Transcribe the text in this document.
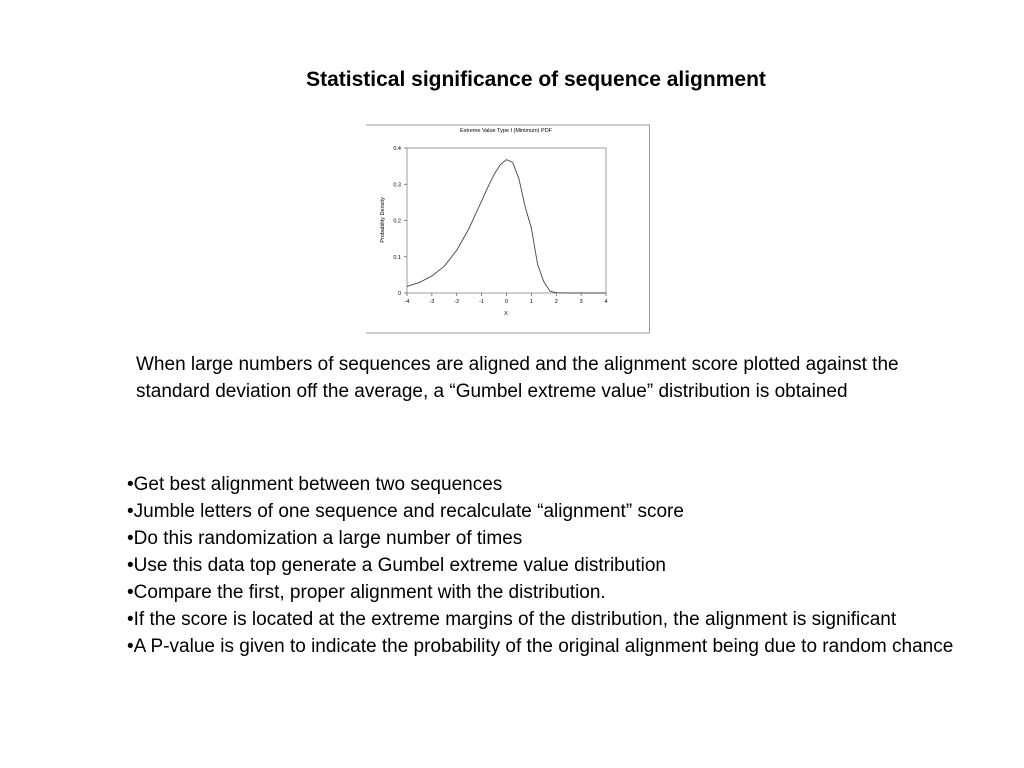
Statistical significance of sequence alignment
Extreme Value Type I (Minimum) PDF
Probability Density
X
-4	-3	-2	-1	0	1	2	3	4
0
0.1
0.2
0.3
0.4
When large numbers of sequences are aligned and the alignment score plotted against the standard deviation off the average, a “Gumbel extreme value” distribution is obtained
•Get best alignment between two sequences
•Jumble letters of one sequence and recalculate “alignment” score
•Do this randomization a large number of times
•Use this data top generate a Gumbel extreme value distribution
•Compare the first, proper alignment with the distribution.
•If the score is located at the extreme margins of the distribution, the alignment is significant
•A P-value is given to indicate the probability of the original alignment being due to random chance
